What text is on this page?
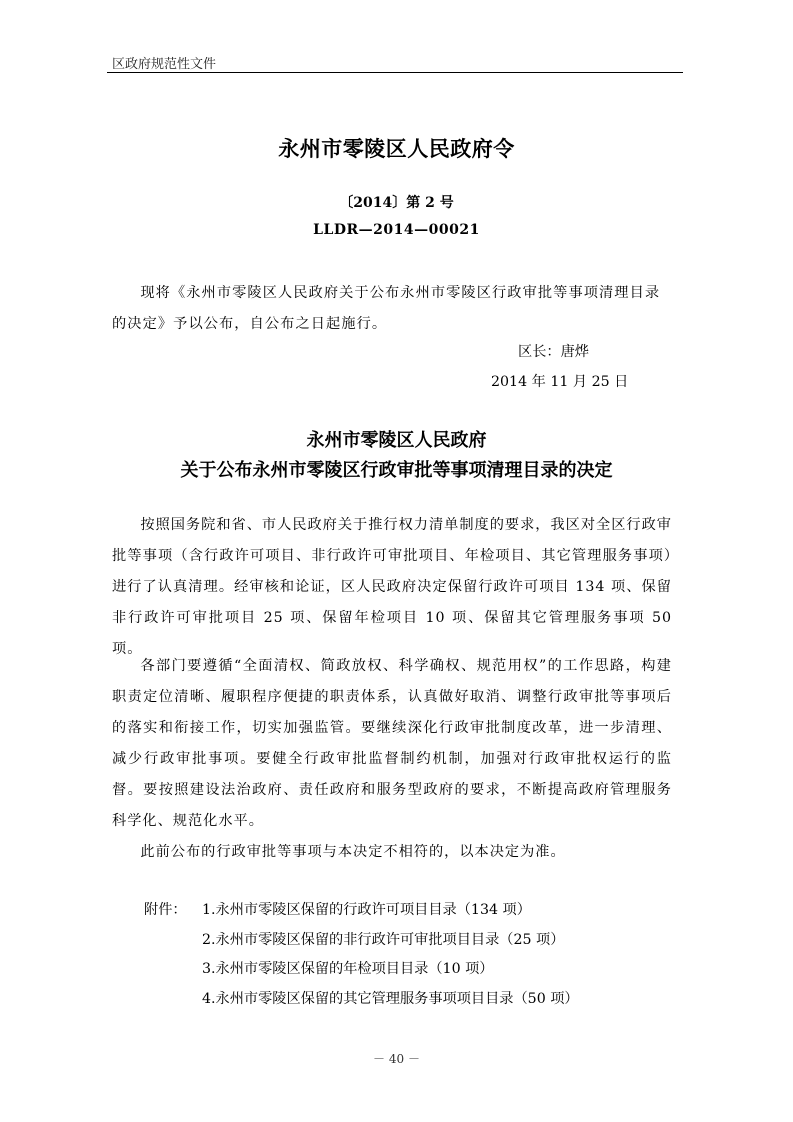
区政府规范性文件
永州市零陵区人民政府令
〔2014〕第 2 号
LLDR—2014—00021

现将《永州市零陵区人民政府关于公布永州市零陵区行政审批等事项清理目录的决定》予以公布，自公布之日起施行。

区长：唐烨
2014 年 11 月 25 日
永州市零陵区人民政府
关于公布永州市零陵区行政审批等事项清理目录的决定

按照国务院和省、市人民政府关于推行权力清单制度的要求，我区对全区行政审批等事项（含行政许可项目、非行政许可审批项目、年检项目、其它管理服务事项）进行了认真清理。经审核和论证，区人民政府决定保留行政许可项目 134 项、保留非行政许可审批项目 25 项、保留年检项目 10 项、保留其它管理服务事项 50 项。

各部门要遵循“全面清权、简政放权、科学确权、规范用权”的工作思路，构建职责定位清晰、履职程序便捷的职责体系，认真做好取消、调整行政审批等事项后的落实和衔接工作，切实加强监管。要继续深化行政审批制度改革，进一步清理、减少行政审批事项。要健全行政审批监督制约机制，加强对行政审批权运行的监督。要按照建设法治政府、责任政府和服务型政府的要求，不断提高政府管理服务科学化、规范化水平。

此前公布的行政审批等事项与本决定不相符的，以本决定为准。

附件：	1.永州市零陵区保留的行政许可项目目录（134 项）
2.永州市零陵区保留的非行政许可审批项目目录（25 项）
3.永州市零陵区保留的年检项目目录（10 项）
4.永州市零陵区保留的其它管理服务事项项目目录（50 项）
－ 40 －
